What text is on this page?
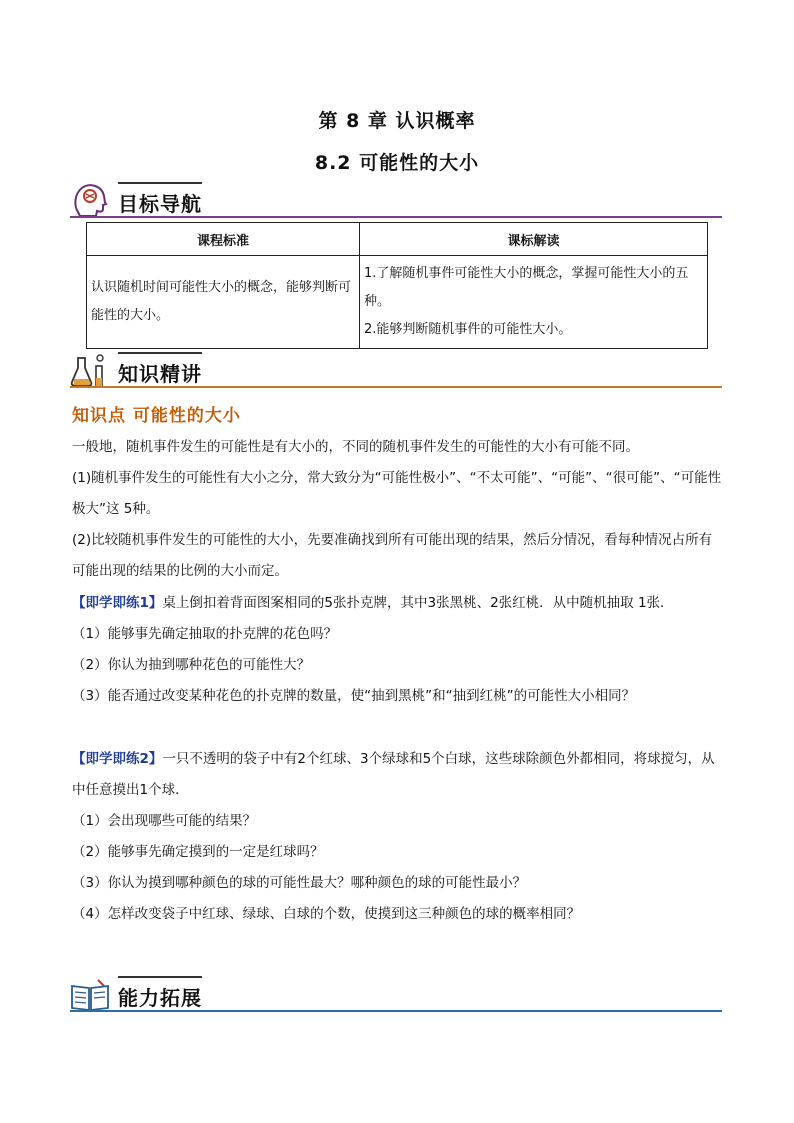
第 8 章 认识概率
8.2 可能性的大小
目标导航
课程标准	课标解读
认识随机时间可能性大小的概念，能够判断可能性的大小。	1.了解随机事件可能性大小的概念，掌握可能性大小的五种。
2.能够判断随机事件的可能性大小。
知识精讲
知识点 可能性的大小
一般地，随机事件发生的可能性是有大小的，不同的随机事件发生的可能性的大小有可能不同。
(1)随机事件发生的可能性有大小之分，常大致分为“可能性极小”、“不太可能”、“可能”、“很可能”、“可能性极大”这 5种。
(2)比较随机事件发生的可能性的大小，先要准确找到所有可能出现的结果，然后分情况，看每种情况占所有可能出现的结果的比例的大小而定。
【即学即练1】桌上倒扣着背面图案相同的5张扑克牌，其中3张黑桃、2张红桃．从中随机抽取 1张．
（1）能够事先确定抽取的扑克牌的花色吗？
（2）你认为抽到哪种花色的可能性大？
（3）能否通过改变某种花色的扑克牌的数量，使“抽到黑桃”和“抽到红桃”的可能性大小相同？
【即学即练2】一只不透明的袋子中有2个红球、3个绿球和5个白球，这些球除颜色外都相同，将球搅匀，从中任意摸出1个球．
（1）会出现哪些可能的结果？
（2）能够事先确定摸到的一定是红球吗？
（3）你认为摸到哪种颜色的球的可能性最大？哪种颜色的球的可能性最小？
（4）怎样改变袋子中红球、绿球、白球的个数，使摸到这三种颜色的球的概率相同？
能力拓展
